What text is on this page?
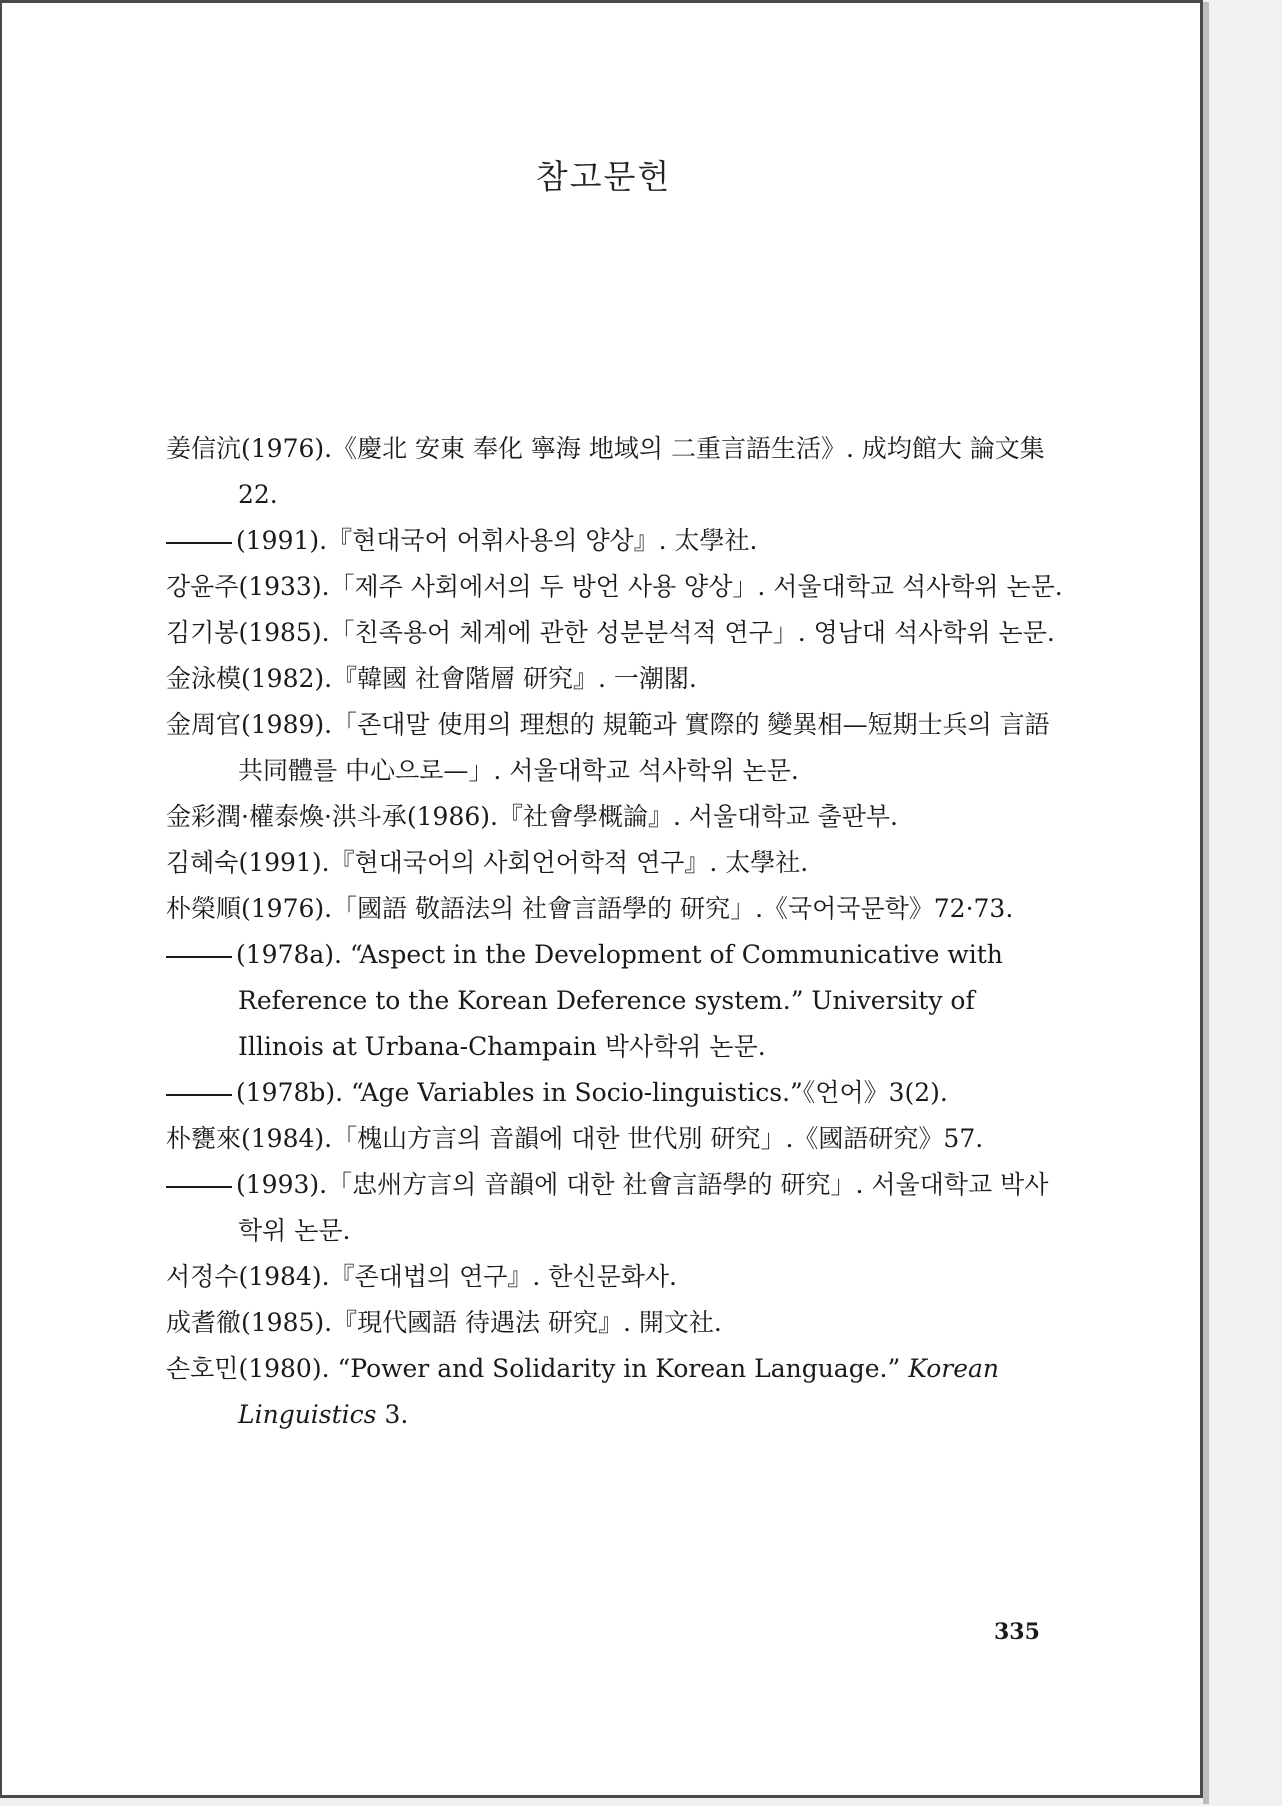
참고문헌

姜信沆(1976).《慶北 安東 奉化 寧海 地域의 二重言語生活》. 成均館大 論文集 22.

(1991).『현대국어 어휘사용의 양상』. 太學社.

강윤주(1933).「제주 사회에서의 두 방언 사용 양상」. 서울대학교 석사학위 논문.

김기봉(1985).「친족용어 체계에 관한 성분분석적 연구」. 영남대 석사학위 논문.

金泳模(1982).『韓國 社會階層 研究』. 一潮閣.

金周官(1989).「존대말 使用의 理想的 規範과 實際的 變異相—短期士兵의 言語共同體를 中心으로—」. 서울대학교 석사학위 논문.

金彩潤·權泰煥·洪斗承(1986).『社會學概論』. 서울대학교 출판부.

김혜숙(1991).『현대국어의 사회언어학적 연구』. 太學社.

朴榮順(1976).「國語 敬語法의 社會言語學的 研究」.《국어국문학》72·73.

(1978a). “Aspect in the Development of Communicative with Reference to the Korean Deference system.” University of Illinois at Urbana-Champain 박사학위 논문.

(1978b). “Age Variables in Socio-linguistics.”《언어》3(2).

朴甕來(1984).「槐山方言의 音韻에 대한 世代別 研究」.《國語研究》57.

(1993).「忠州方言의 音韻에 대한 社會言語學的 研究」. 서울대학교 박사학위 논문.

서정수(1984).『존대법의 연구』. 한신문화사.

成耆徹(1985).『現代國語 待遇法 研究』. 開文社.

손호민(1980). “Power and Solidarity in Korean Language.” Korean Linguistics 3.

335
